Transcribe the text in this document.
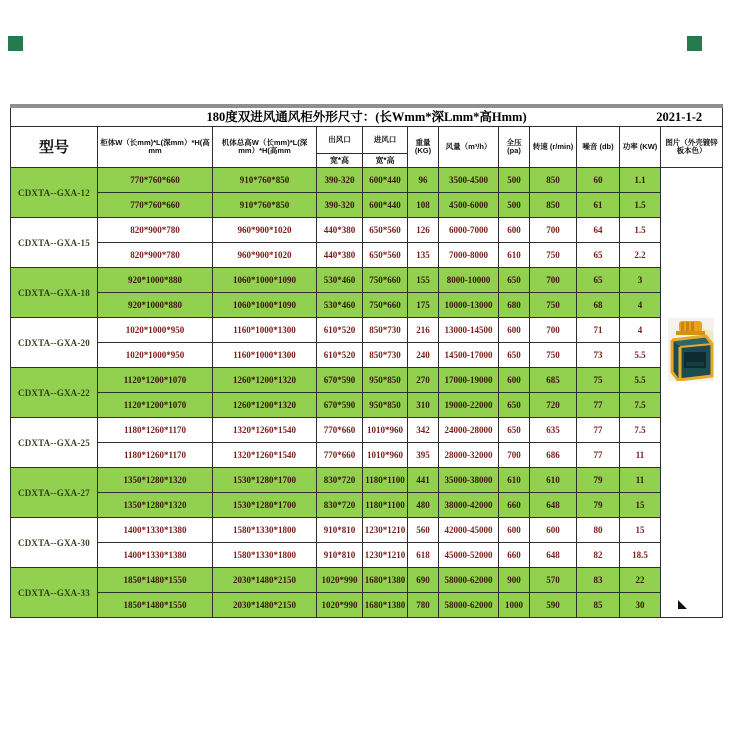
180度双进风通风柜外形尺寸：(长Wmm*深Lmm*高Hmm) 2021-1-2											

型号	柜体W（长mm)*L(深mm）*H(高mm	机体总高W（长mm)*L(深mm）*H(高mm	出风口	进风口	重量(KG)	风量（m³/h）	全压 (pa)	转速 (r/min)	噪音 (db)	功率 (KW)	图片（外壳镀锌板本色）
			宽*高	宽*高							
CDXTA--GXA-12	770*760*660	910*760*850	390-320	600*440	96	3500-4500	500	850	60	1.1	

	770*760*660	910*760*850	390-320	600*440	108	4500-6000	500	850	61	1.5	
CDXTA--GXA-15	820*900*780	960*900*1020	440*380	650*560	126	6000-7000	600	700	64	1.5	
	820*900*780	960*900*1020	440*380	650*560	135	7000-8000	610	750	65	2.2	
CDXTA--GXA-18	920*1000*880	1060*1000*1090	530*460	750*660	155	8000-10000	650	700	65	3	
	920*1000*880	1060*1000*1090	530*460	750*660	175	10000-13000	680	750	68	4	
CDXTA--GXA-20	1020*1000*950	1160*1000*1300	610*520	850*730	216	13000-14500	600	700	71	4	
	1020*1000*950	1160*1000*1300	610*520	850*730	240	14500-17000	650	750	73	5.5	
CDXTA--GXA-22	1120*1200*1070	1260*1200*1320	670*590	950*850	270	17000-19000	600	685	75	5.5	
	1120*1200*1070	1260*1200*1320	670*590	950*850	310	19000-22000	650	720	77	7.5	
CDXTA--GXA-25	1180*1260*1170	1320*1260*1540	770*660	1010*960	342	24000-28000	650	635	77	7.5	
	1180*1260*1170	1320*1260*1540	770*660	1010*960	395	28000-32000	700	686	77	11	
CDXTA--GXA-27	1350*1280*1320	1530*1280*1700	830*720	1180*1100	441	35000-38000	610	610	79	11	
	1350*1280*1320	1530*1280*1700	830*720	1180*1100	480	38000-42000	660	648	79	15	
CDXTA--GXA-30	1400*1330*1380	1580*1330*1800	910*810	1230*1210	560	42000-45000	600	600	80	15	
	1400*1330*1380	1580*1330*1800	910*810	1230*1210	618	45000-52000	660	648	82	18.5	
CDXTA--GXA-33	1850*1480*1550	2030*1480*2150	1020*990	1680*1380	690	58000-62000	900	570	83	22	
	1850*1480*1550	2030*1480*2150	1020*990	1680*1380	780	58000-62000	1000	590	85	30	
